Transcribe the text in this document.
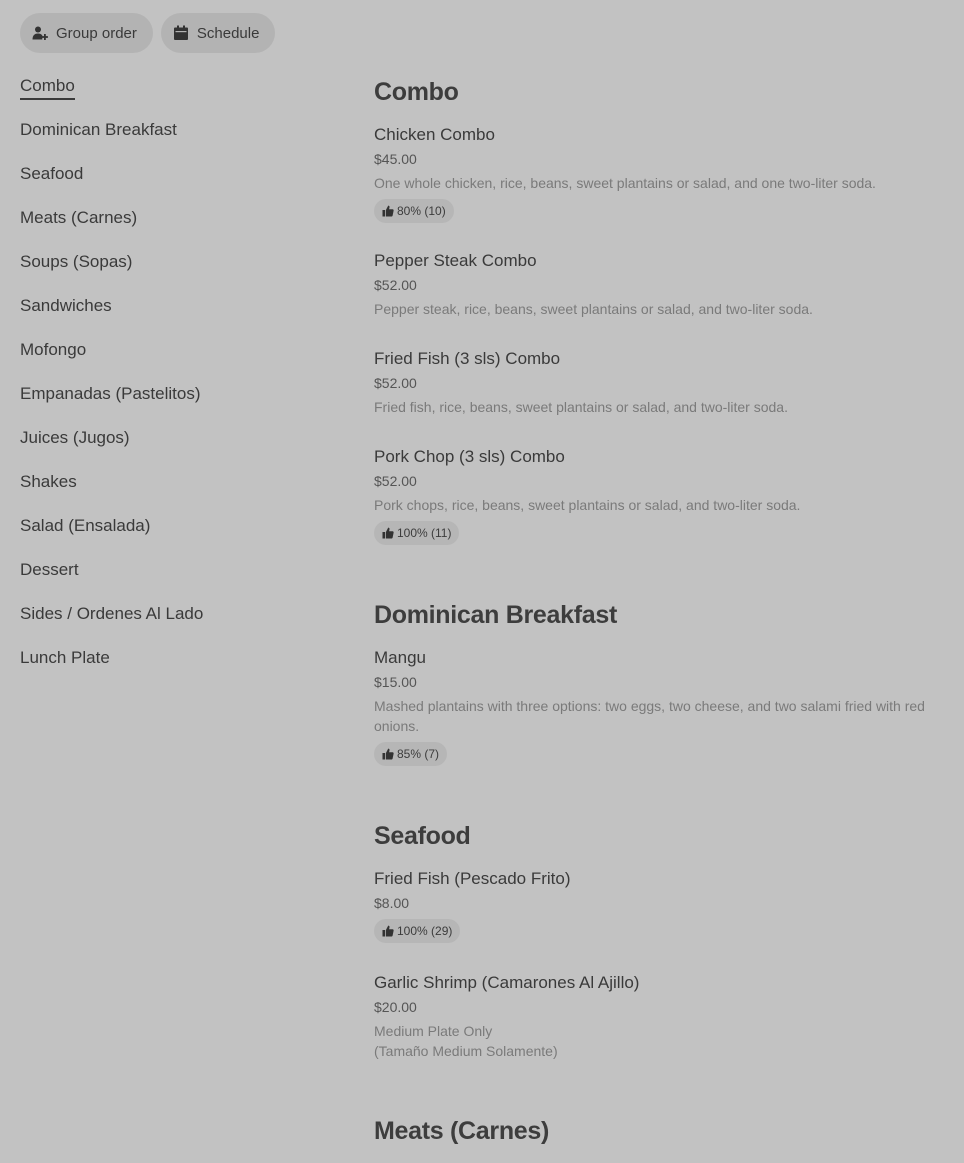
Group order	Schedule
Combo
Dominican Breakfast
Seafood
Meats (Carnes)
Soups (Sopas)
Sandwiches
Mofongo
Empanadas (Pastelitos)
Juices (Jugos)
Shakes
Salad (Ensalada)
Dessert
Sides / Ordenes Al Lado
Lunch Plate
Combo
Chicken Combo
$45.00
One whole chicken, rice, beans, sweet plantains or salad, and one two-liter soda.
80% (10)
Pepper Steak Combo
$52.00
Pepper steak, rice, beans, sweet plantains or salad, and two-liter soda.
Fried Fish (3 sls) Combo
$52.00
Fried fish, rice, beans, sweet plantains or salad, and two-liter soda.
Pork Chop (3 sls) Combo
$52.00
Pork chops, rice, beans, sweet plantains or salad, and two-liter soda.
100% (11)
Dominican Breakfast
Mangu
$15.00
Mashed plantains with three options: two eggs, two cheese, and two salami fried with red onions.
85% (7)
Seafood
Fried Fish (Pescado Frito)
$8.00
100% (29)
Garlic Shrimp (Camarones Al Ajillo)
$20.00
Medium Plate Only
(Tamaño Medium Solamente)
Meats (Carnes)
